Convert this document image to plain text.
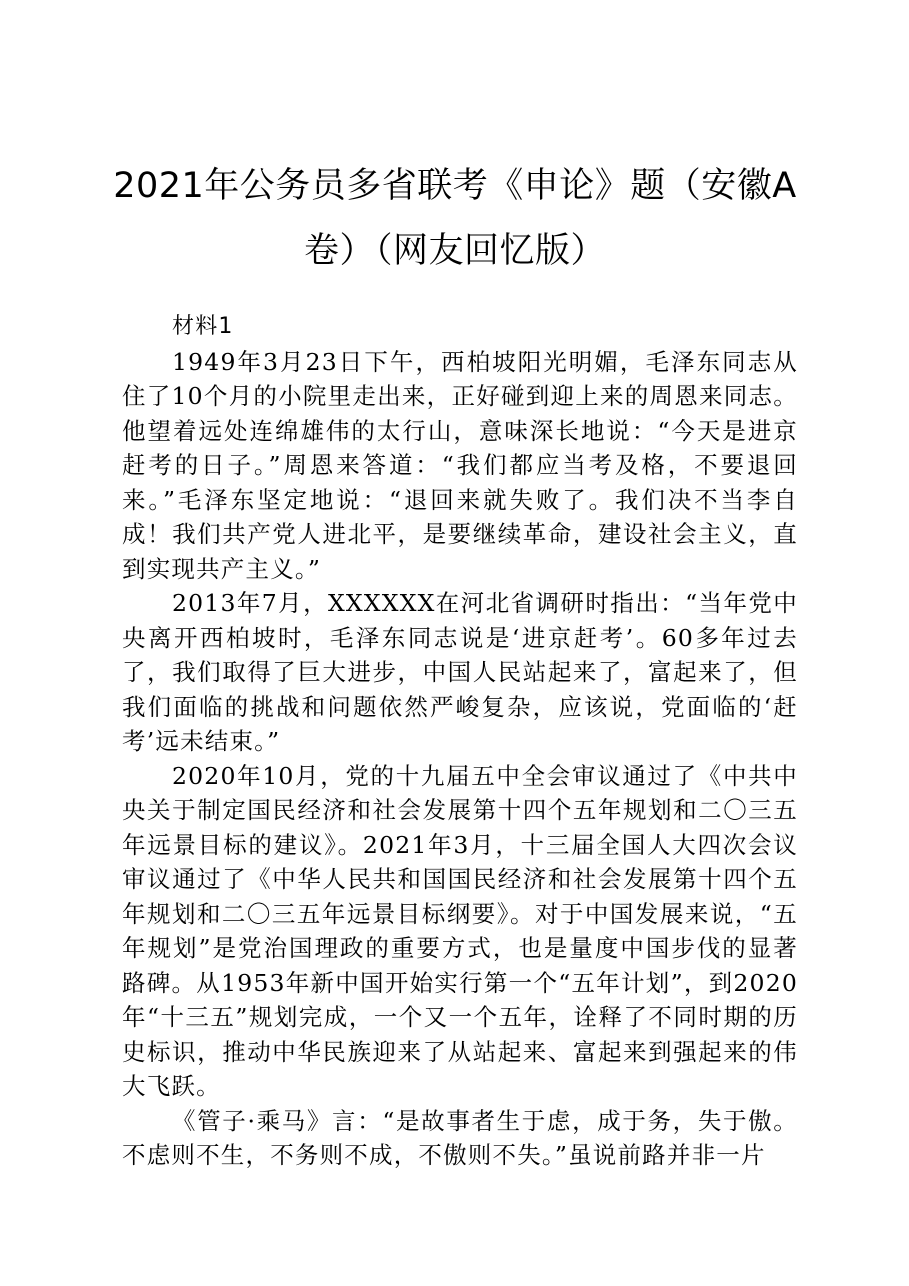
2021年公务员多省联考《申论》题（安徽A
卷）（网友回忆版）

材料1

1949年3月23日下午，西柏坡阳光明媚，毛泽东同志从住了10个月的小院里走出来，正好碰到迎上来的周恩来同志。他望着远处连绵雄伟的太行山，意味深长地说：“今天是进京赶考的日子。”周恩来答道：“我们都应当考及格，不要退回来。”毛泽东坚定地说：“退回来就失败了。我们决不当李自成！我们共产党人进北平，是要继续革命，建设社会主义，直到实现共产主义。”

2013年7月，XXXXXX在河北省调研时指出：“当年党中央离开西柏坡时，毛泽东同志说是‘进京赶考’。60多年过去了，我们取得了巨大进步，中国人民站起来了，富起来了，但我们面临的挑战和问题依然严峻复杂，应该说，党面临的‘赶考’远未结束。”

2020年10月，党的十九届五中全会审议通过了《中共中央关于制定国民经济和社会发展第十四个五年规划和二〇三五年远景目标的建议》。2021年3月，十三届全国人大四次会议审议通过了《中华人民共和国国民经济和社会发展第十四个五年规划和二〇三五年远景目标纲要》。对于中国发展来说，“五年规划”是党治国理政的重要方式，也是量度中国步伐的显著路碑。从1953年新中国开始实行第一个“五年计划”，到2020年“十三五”规划完成，一个又一个五年，诠释了不同时期的历史标识，推动中华民族迎来了从站起来、富起来到强起来的伟大飞跃。

《管子·乘马》言：“是故事者生于虑，成于务，失于傲。不虑则不生，不务则不成，不傲则不失。”虽说前路并非一片
